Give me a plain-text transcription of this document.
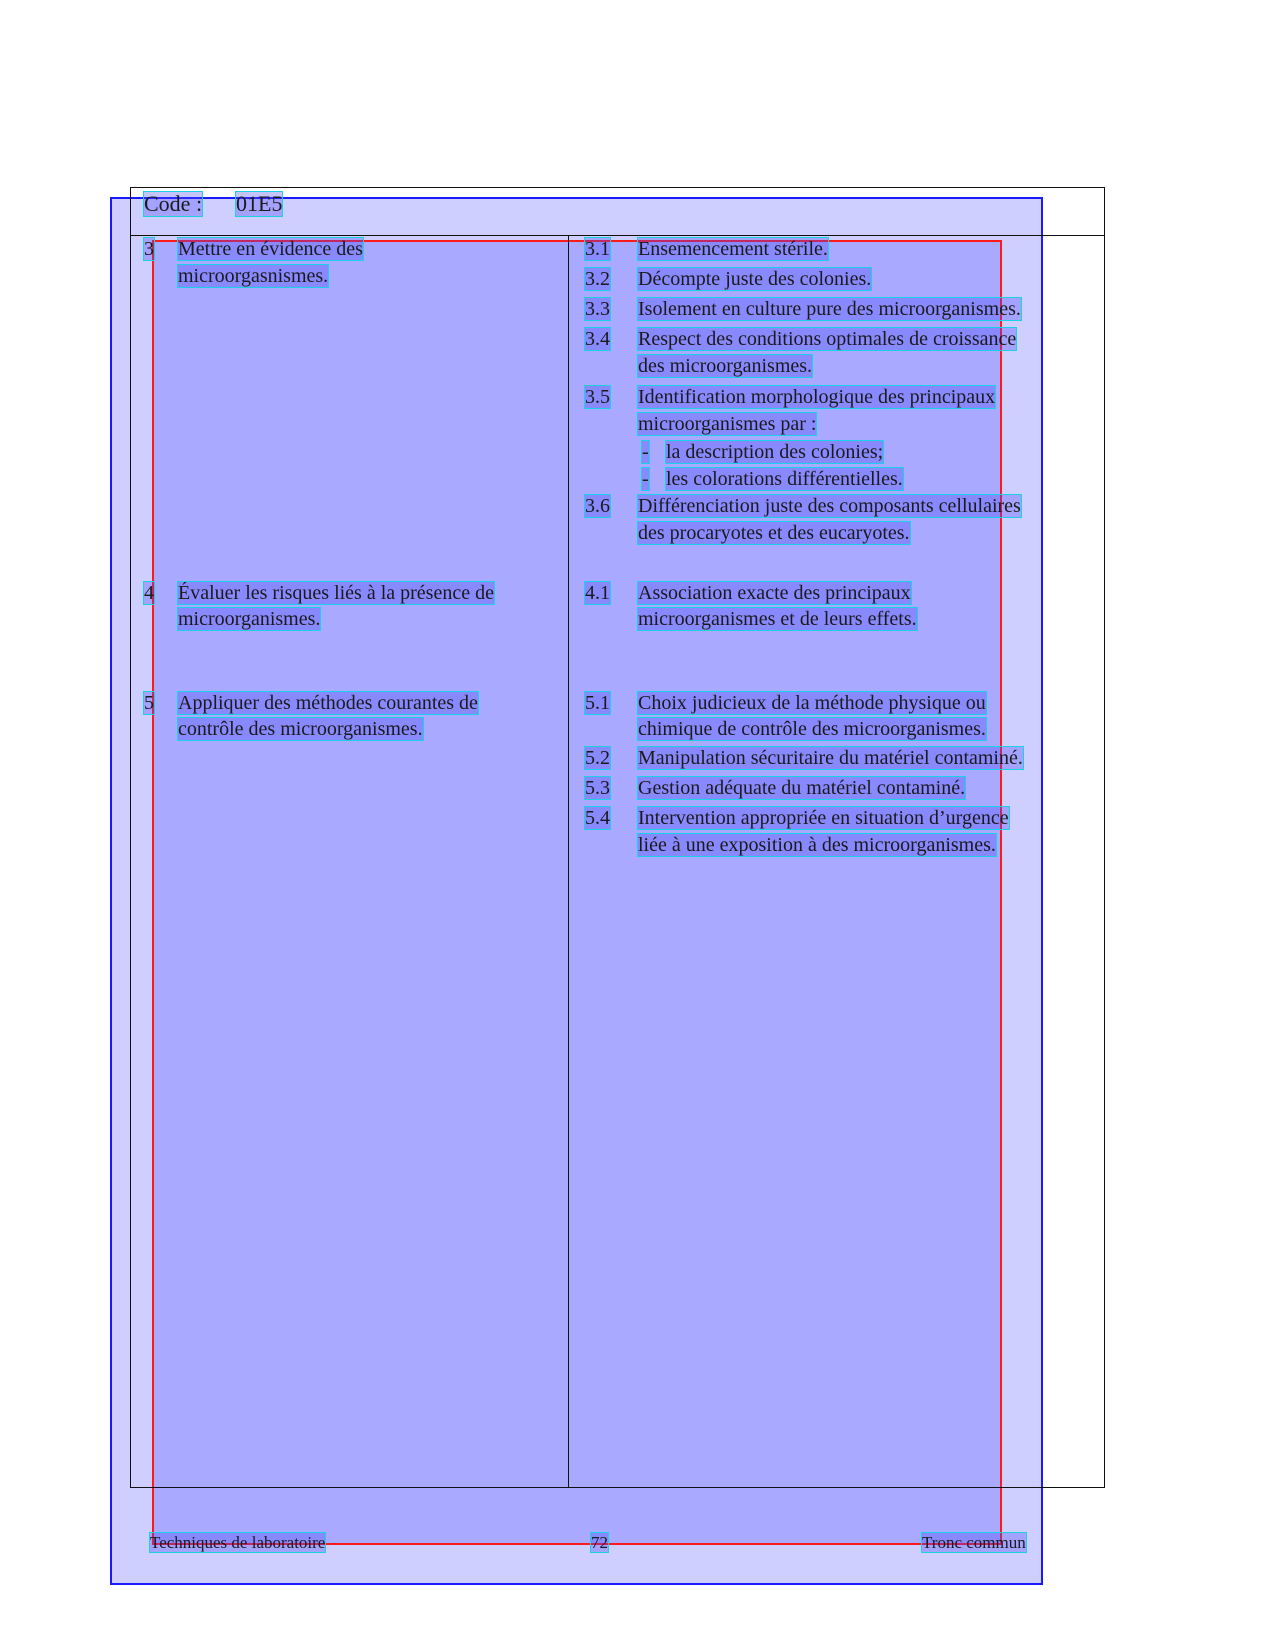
Code : 01E5
3 Mettre en évidence des
microorgasnismes.
4 Évaluer les risques liés à la présence de
microorganismes.
5 Appliquer des méthodes courantes de
contrôle des microorganismes.
3.1 Ensemencement stérile.
3.2 Décompte juste des colonies.
3.3 Isolement en culture pure des microorganismes.
3.4 Respect des conditions optimales de croissance
des microorganismes.
3.5 Identification morphologique des principaux
microorganismes par :
- la description des colonies;
- les colorations différentielles.
3.6 Différenciation juste des composants cellulaires
des procaryotes et des eucaryotes.
4.1 Association exacte des principaux
microorganismes et de leurs effets.
5.1 Choix judicieux de la méthode physique ou
chimique de contrôle des microorganismes.
5.2 Manipulation sécuritaire du matériel contaminé.
5.3 Gestion adéquate du matériel contaminé.
5.4 Intervention appropriée en situation d’urgence
liée à une exposition à des microorganismes.
Techniques de laboratoire	72	Tronc commun
